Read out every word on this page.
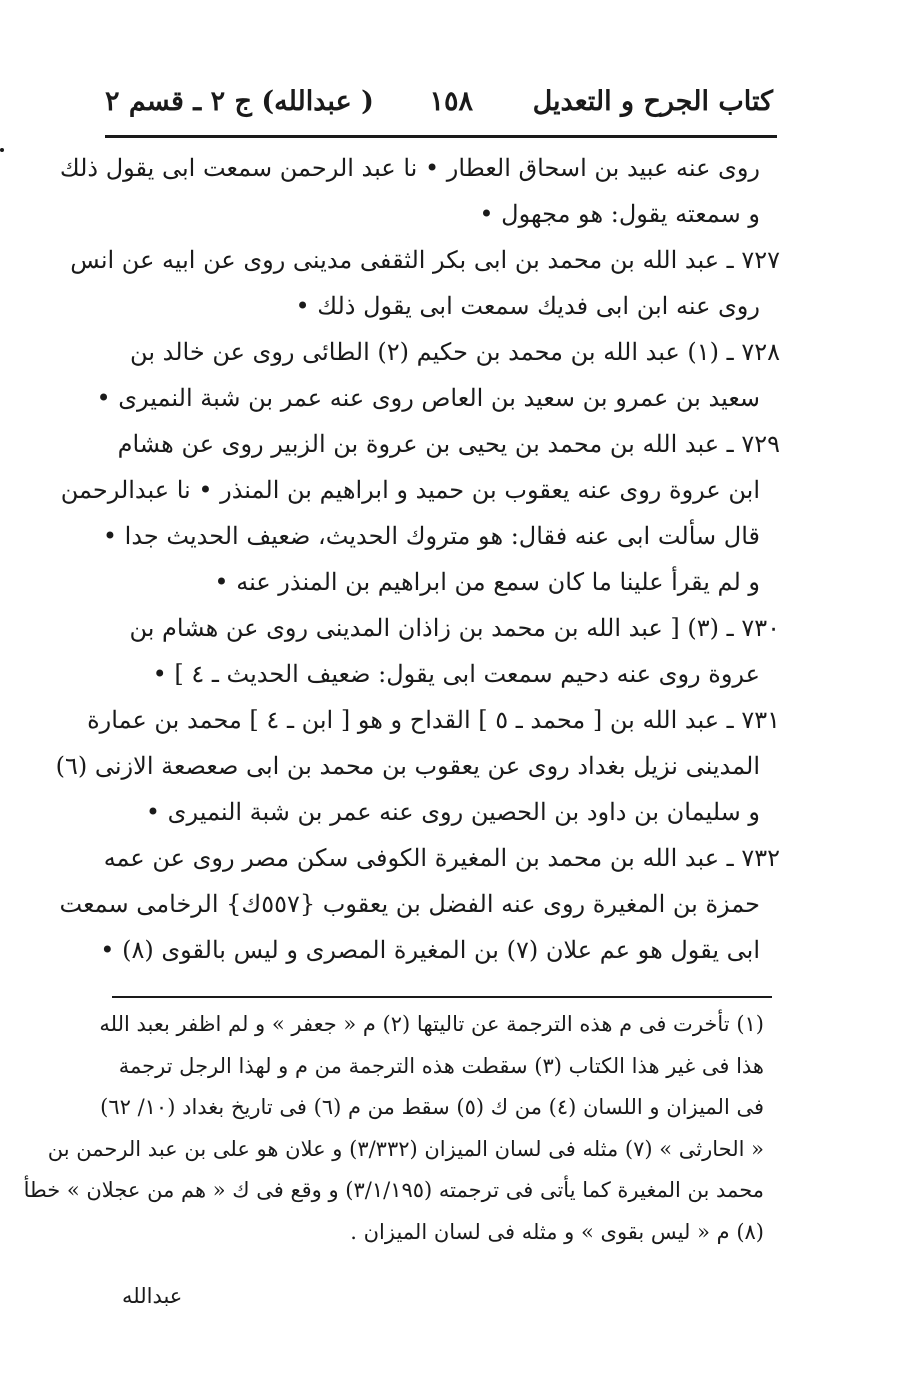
كتاب الجرح و التعديل
١٥٨
( عبدالله) ج ٢ ـ قسم ٢
روى عنه عبيد بن اسحاق العطار • نا عبد الرحمن سمعت ابى يقول ذلك
و سمعته يقول: هو مجهول •
٧٢٧ ـ عبد الله بن محمد بن ابى بكر الثقفى مدينى روى عن ابيه عن انس
روى عنه ابن ابى فديك سمعت ابى يقول ذلك •
٧٢٨ ـ (١) عبد الله بن محمد بن حكيم (٢) الطائى روى عن خالد بن
سعيد بن عمرو بن سعيد بن العاص روى عنه عمر بن شبة النميرى •
٧٢٩ ـ عبد الله بن محمد بن يحيى بن عروة بن الزبير روى عن هشام
ابن عروة روى عنه يعقوب بن حميد و ابراهيم بن المنذر • نا عبدالرحمن
قال سألت ابى عنه فقال: هو متروك الحديث، ضعيف الحديث جدا •
و لم يقرأ علينا ما كان سمع من ابراهيم بن المنذر عنه •
٧٣٠ ـ (٣) [ عبد الله بن محمد بن زاذان المدينى روى عن هشام بن
عروة روى عنه دحيم سمعت ابى يقول: ضعيف الحديث ـ ٤ ] •
٧٣١ ـ عبد الله بن [ محمد ـ ٥ ] القداح و هو [ ابن ـ ٤ ] محمد بن عمارة
المدينى نزيل بغداد روى عن يعقوب بن محمد بن ابى صعصعة الازنى (٦)
و سليمان بن داود بن الحصين روى عنه عمر بن شبة النميرى •
٧٣٢ ـ عبد الله بن محمد بن المغيرة الكوفى سكن مصر روى عن عمه
حمزة بن المغيرة روى عنه الفضل بن يعقوب {٥٥٧ك} الرخامى سمعت
ابى يقول هو عم علان (٧) بن المغيرة المصرى و ليس بالقوى (٨) •
(١) تأخرت فى م هذه الترجمة عن تاليتها (٢) م « جعفر » و لم اظفر بعبد الله
هذا فى غير هذا الكتاب (٣) سقطت هذه الترجمة من م و لهذا الرجل ترجمة
فى الميزان و اللسان (٤) من ك (٥) سقط من م (٦) فى تاريخ بغداد (١٠/ ٦٢)
« الحارثى » (٧) مثله فى لسان الميزان (٣/٣٣٢) و علان هو على بن عبد الرحمن بن
محمد بن المغيرة كما يأتى فى ترجمته (٣/١/١٩٥) و وقع فى ك « هم من عجلان » خطأ
(٨) م « ليس بقوى » و مثله فى لسان الميزان .
عبدالله
